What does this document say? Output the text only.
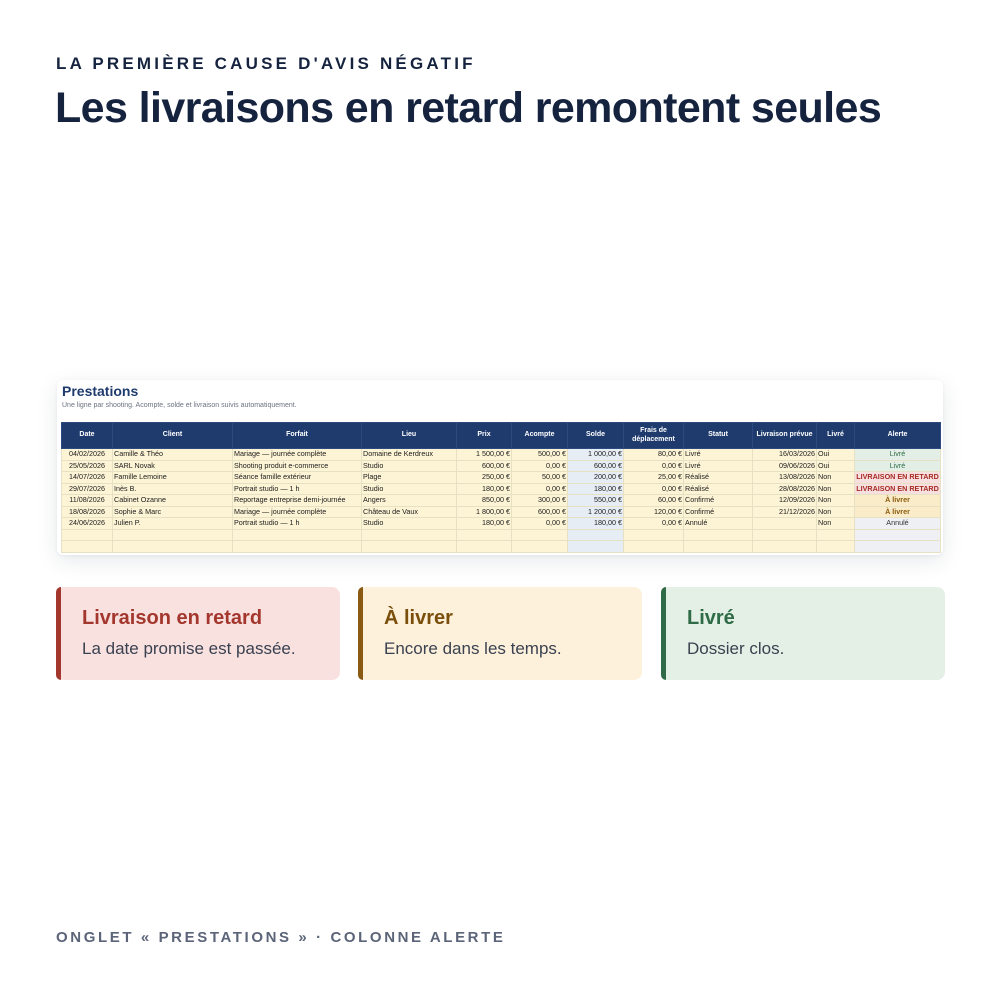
LA PREMIÈRE CAUSE D'AVIS NÉGATIF
Les livraisons en retard remontent seules
Prestations
Une ligne par shooting. Acompte, solde et livraison suivis automatiquement.
Date	Client	Forfait	Lieu	Prix	Acompte	Solde	Frais de déplacement	Statut	Livraison prévue	Livré	Alerte
04/02/2026	Camille & Théo	Mariage — journée complète	Domaine de Kerdreux	1 500,00 €	500,00 €	1 000,00 €	80,00 €	Livré	16/03/2026	Oui	Livré
25/05/2026	SARL Novak	Shooting produit e-commerce	Studio	600,00 €	0,00 €	600,00 €	0,00 €	Livré	09/06/2026	Oui	Livré
14/07/2026	Famille Lemoine	Séance famille extérieur	Plage	250,00 €	50,00 €	200,00 €	25,00 €	Réalisé	13/08/2026	Non	LIVRAISON EN RETARD
29/07/2026	Inès B.	Portrait studio — 1 h	Studio	180,00 €	0,00 €	180,00 €	0,00 €	Réalisé	28/08/2026	Non	LIVRAISON EN RETARD
11/08/2026	Cabinet Ozanne	Reportage entreprise demi-journée	Angers	850,00 €	300,00 €	550,00 €	60,00 €	Confirmé	12/09/2026	Non	À livrer
18/08/2026	Sophie & Marc	Mariage — journée complète	Château de Vaux	1 800,00 €	600,00 €	1 200,00 €	120,00 €	Confirmé	21/12/2026	Non	À livrer
24/06/2026	Julien P.	Portrait studio — 1 h	Studio	180,00 €	0,00 €	180,00 €	0,00 €	Annulé		Non	Annulé

Livraison en retard
La date promise est passée.
À livrer
Encore dans les temps.
Livré
Dossier clos.
ONGLET « PRESTATIONS » · COLONNE ALERTE
